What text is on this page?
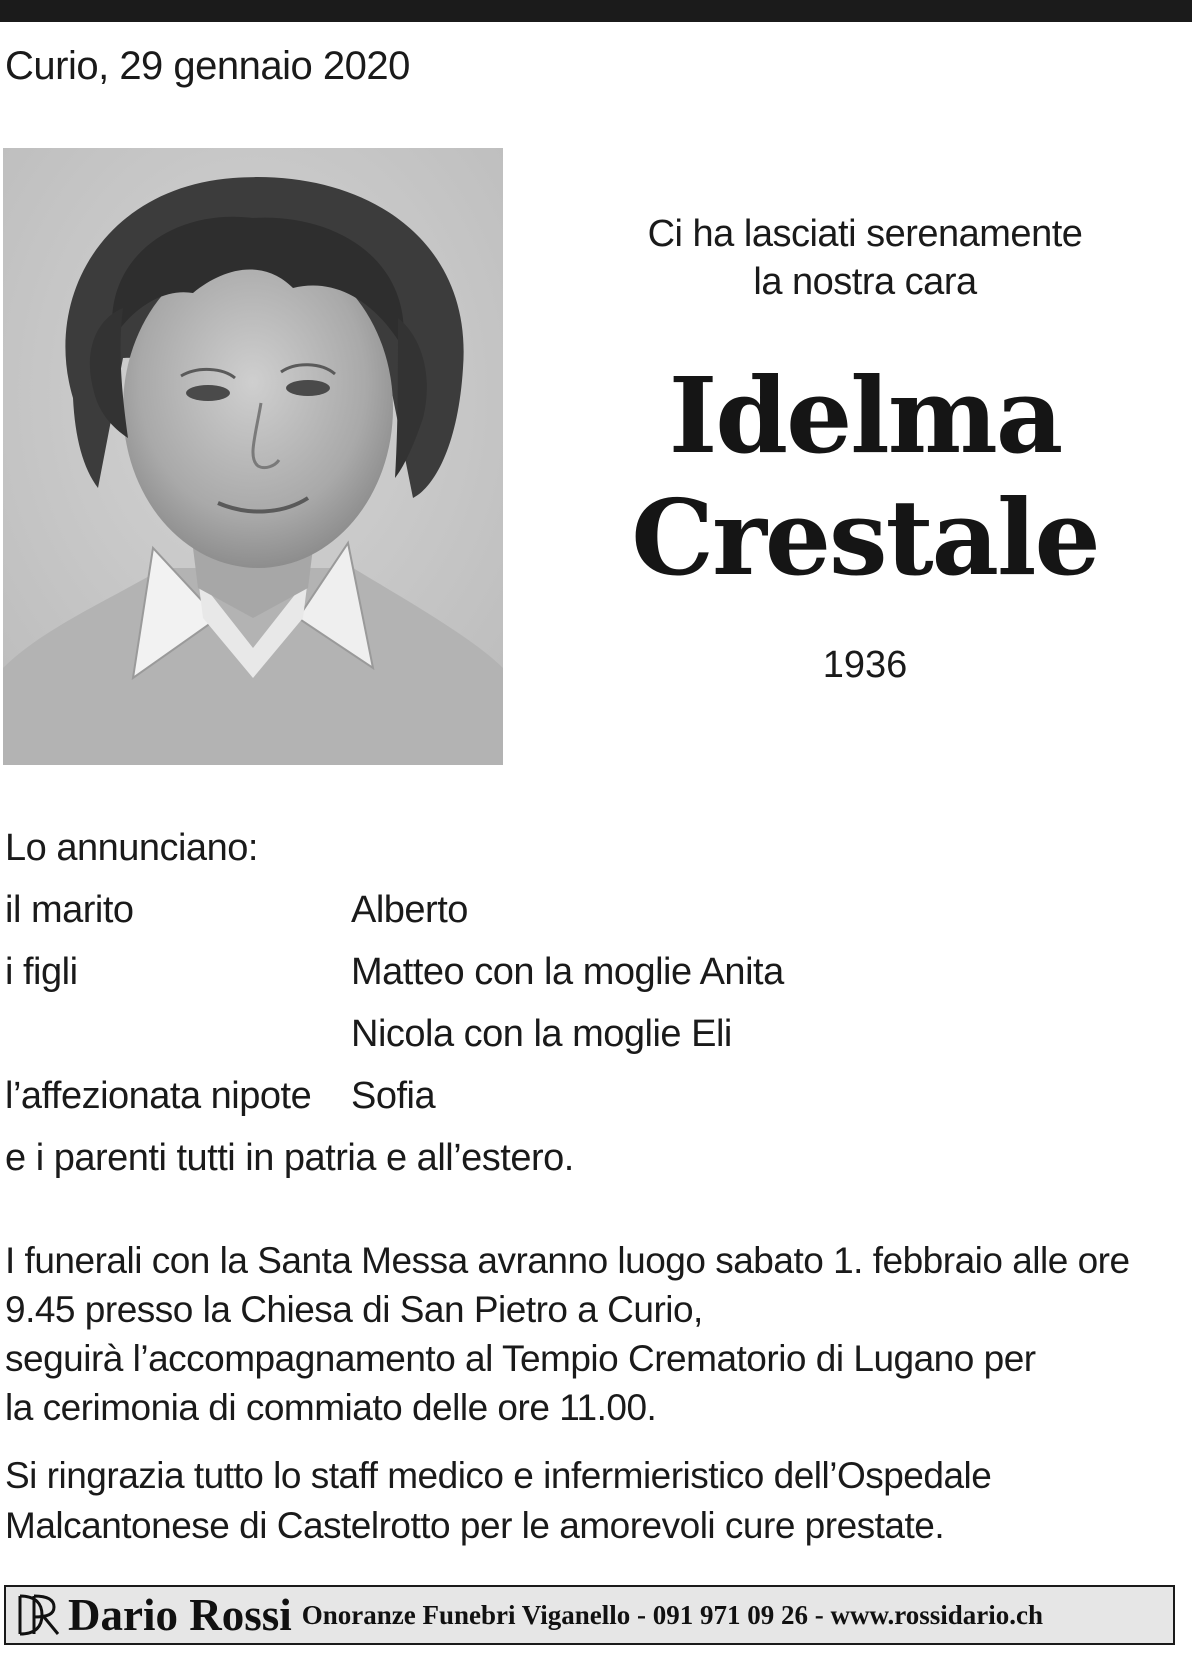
Curio, 29 gennaio 2020
Ci ha lasciati serenamente
la nostra cara
Idelma
Crestale
1936
Lo annunciano:
il marito	Alberto
i figli	Matteo con la moglie Anita
Nicola con la moglie Eli
l’affezionata nipote Sofia
e i parenti tutti in patria e all’estero.

I funerali con la Santa Messa avranno luogo sabato 1. febbraio alle ore

9.45 presso la Chiesa di San Pietro a Curio,

seguirà l’accompagnamento al Tempio Crematorio di Lugano per

la cerimonia di commiato delle ore 11.00.

Si ringrazia tutto lo staff medico e infermieristico dell’Ospedale

Malcantonese di Castelrotto per le amorevoli cure prestate.

Dario Rossi Onoranze Funebri Viganello - 091 971 09 26 - www.rossidario.ch
